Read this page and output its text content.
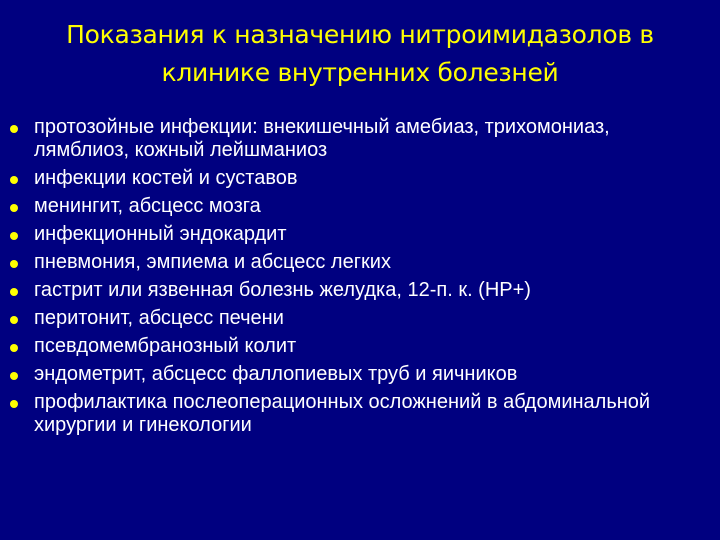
Показания к назначению нитроимидазолов в клинике внутренних болезней
протозойные инфекции: внекишечный амебиаз, трихомониаз, лямблиоз, кожный лейшманиоз
инфекции костей и суставов
менингит, абсцесс мозга
инфекционный эндокардит
пневмония, эмпиема и абсцесс легких
гастрит или язвенная болезнь желудка, 12-п. к. (HP+)
перитонит, абсцесс печени
псевдомембранозный колит
эндометрит, абсцесс фаллопиевых труб и яичников
профилактика послеоперационных осложнений в абдоминальной хирургии и гинекологии
